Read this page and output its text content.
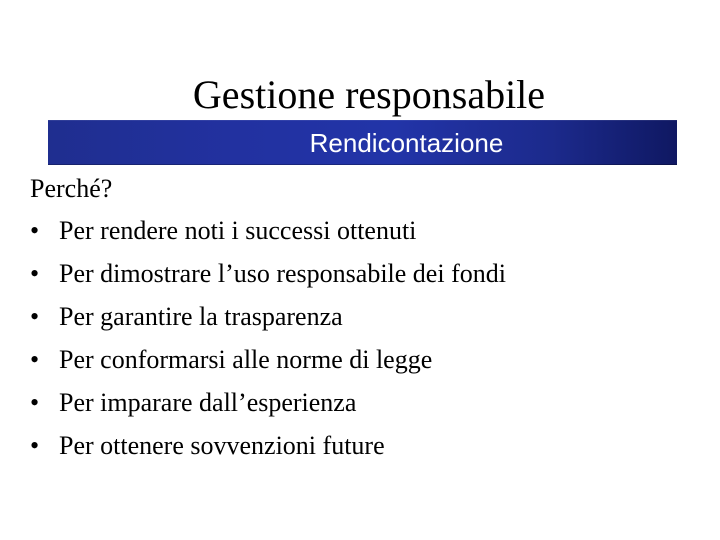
Gestione responsabile
Rendicontazione
Perché?
• Per rendere noti i successi ottenuti
• Per dimostrare l’uso responsabile dei fondi
• Per garantire la trasparenza
• Per conformarsi alle norme di legge
• Per imparare dall’esperienza
• Per ottenere sovvenzioni future
